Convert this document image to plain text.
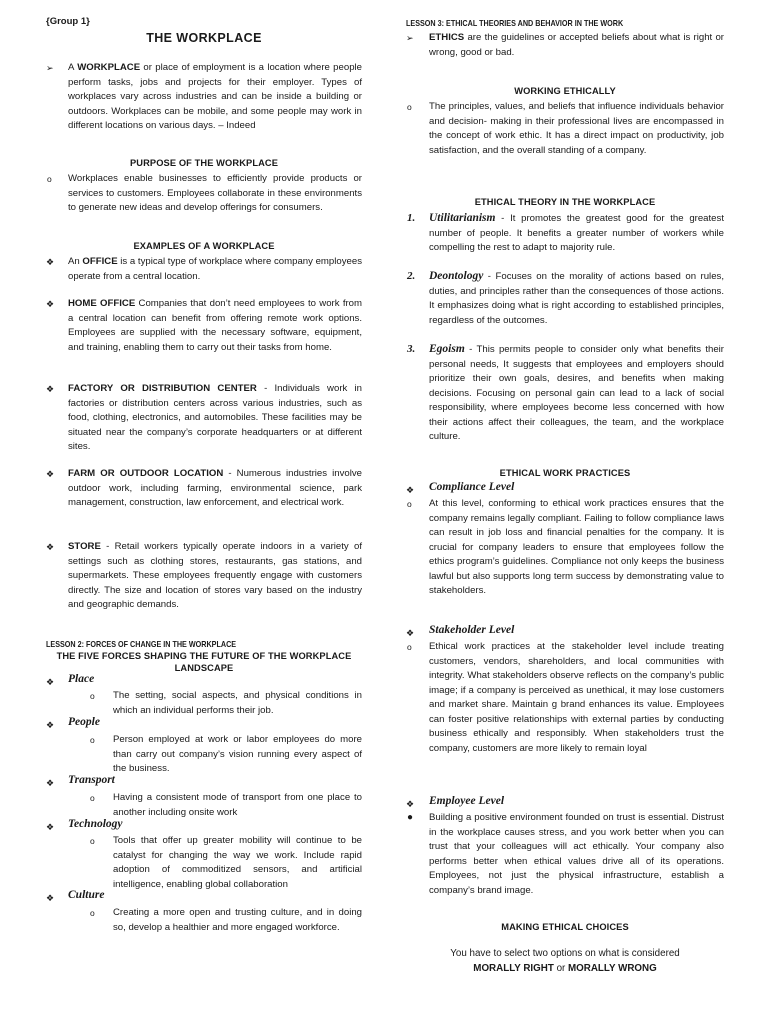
{Group 1}
THE WORKPLACE
➢ A WORKPLACE or place of employment is a location where people perform tasks, jobs and projects for their employer. Types of workplaces vary across industries and can be inside a building or outdoors. Workplaces can be mobile, and some people may work in different locations on various days. – Indeed
PURPOSE OF THE WORKPLACE
o Workplaces enable businesses to efficiently provide products or services to customers. Employees collaborate in these environments to generate new ideas and develop offerings for consumers.
EXAMPLES OF A WORKPLACE
❖ An OFFICE is a typical type of workplace where company employees operate from a central location.
❖ HOME OFFICE Companies that don’t need employees to work from a central location can benefit from offering remote work options. Employees are supplied with the necessary software, equipment, and training, enabling them to carry out their tasks from home.
❖ FACTORY OR DISTRIBUTION CENTER - Individuals work in factories or distribution centers across various industries, such as food, clothing, electronics, and automobiles. These facilities may be situated near the company’s corporate headquarters or at different sites.
❖ FARM OR OUTDOOR LOCATION - Numerous industries involve outdoor work, including farming, environmental science, park management, construction, law enforcement, and electrical work.
❖ STORE - Retail workers typically operate indoors in a variety of settings such as clothing stores, restaurants, gas stations, and supermarkets. These employees frequently engage with customers directly. The size and location of stores vary based on the industry and geographic demands.
LESSON 2: FORCES OF CHANGE IN THE WORKPLACE
THE FIVE FORCES SHAPING THE FUTURE OF THE WORKPLACE LANDSCAPE
❖ Place
o The setting, social aspects, and physical conditions in which an individual performs their job.
❖ People
o Person employed at work or labor employees do more than carry out company’s vision running every aspect of the business.
❖ Transport
o Having a consistent mode of transport from one place to another including onsite work
❖ Technology
o Tools that offer up greater mobility will continue to be catalyst for changing the way we work. Include rapid adoption of commoditized sensors, and artificial intelligence, enabling global collaboration
❖ Culture
o Creating a more open and trusting culture, and in doing so, develop a healthier and more engaged workforce.
LESSON 3: ETHICAL THEORIES AND BEHAVIOR IN THE WORK
➢ ETHICS are the guidelines or accepted beliefs about what is right or wrong, good or bad.
WORKING ETHICALLY
o The principles, values, and beliefs that influence individuals behavior and decision- making in their professional lives are encompassed in the concept of work ethic. It has a direct impact on productivity, job satisfaction, and the overall standing of a company.
ETHICAL THEORY IN THE WORKPLACE
1. Utilitarianism - It promotes the greatest good for the greatest number of people. It benefits a greater number of workers while compelling the rest to adapt to majority rule.
2. Deontology - Focuses on the morality of actions based on rules, duties, and principles rather than the consequences of those actions. It emphasizes doing what is right according to established principles, regardless of the outcomes.
3. Egoism - This permits people to consider only what benefits their personal needs, It suggests that employees and employers should prioritize their own goals, desires, and benefits when making decisions. Focusing on personal gain can lead to a lack of social responsibility, where employees become less concerned with how their actions affect their colleagues, the team, and the workplace culture.
ETHICAL WORK PRACTICES
❖ Compliance Level
o At this level, conforming to ethical work practices ensures that the company remains legally compliant. Failing to follow compliance laws can result in job loss and financial penalties for the company. It is crucial for company leaders to ensure that employees follow the ethics program’s guidelines. Compliance not only keeps the business lawful but also supports long term success by demonstrating value to stakeholders.
❖ Stakeholder Level
o Ethical work practices at the stakeholder level include treating customers, vendors, shareholders, and local communities with integrity. What stakeholders observe reflects on the company’s public image; if a company is perceived as unethical, it may lose customers and market share. Maintain g brand enhances its value. Employees can foster positive relationships with external parties by conducting business ethically and responsibly. When stakeholders trust the company, customers are more likely to remain loyal
❖ Employee Level
● Building a positive environment founded on trust is essential. Distrust in the workplace causes stress, and you work better when you can trust that your colleagues will act ethically. Your company also performs better when ethical values drive all of its operations. Employees, not just the physical infrastructure, establish a company’s brand image.
MAKING ETHICAL CHOICES
You have to select two options on what is considered
MORALLY RIGHT or MORALLY WRONG
